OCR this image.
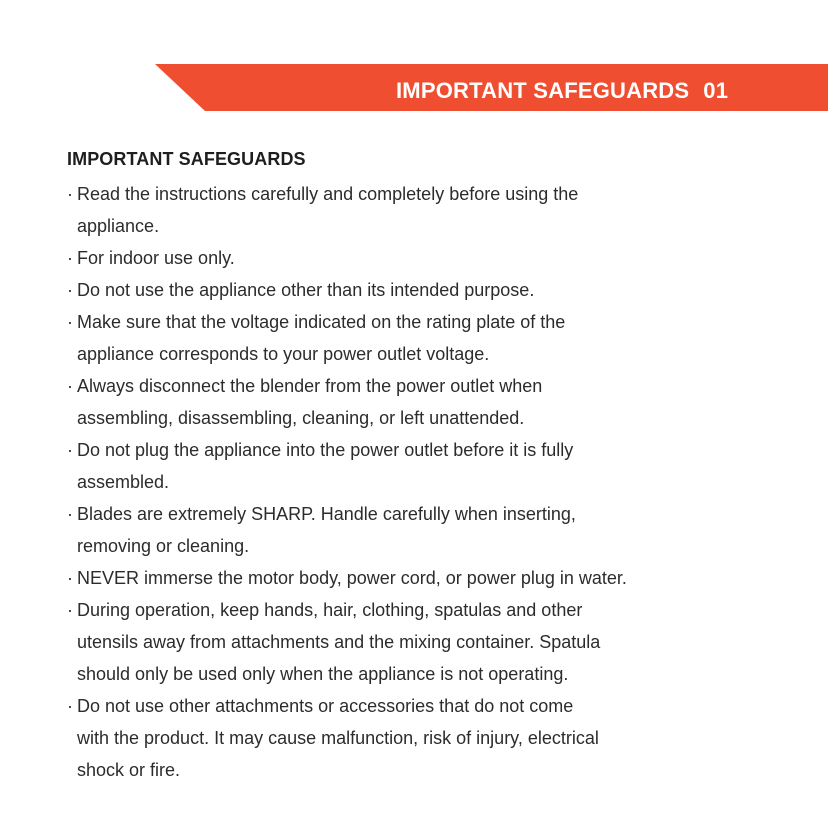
IMPORTANT SAFEGUARDS 01
IMPORTANT SAFEGUARDS
· Read the instructions carefully and completely before using the
appliance.
· For indoor use only.
· Do not use the appliance other than its intended purpose.
· Make sure that the voltage indicated on the rating plate of the
appliance corresponds to your power outlet voltage.
· Always disconnect the blender from the power outlet when
assembling, disassembling, cleaning, or left unattended.
· Do not plug the appliance into the power outlet before it is fully
assembled.
· Blades are extremely SHARP. Handle carefully when inserting,
removing or cleaning.
· NEVER immerse the motor body, power cord, or power plug in water.
· During operation, keep hands, hair, clothing, spatulas and other
utensils away from attachments and the mixing container. Spatula
should only be used only when the appliance is not operating.
· Do not use other attachments or accessories that do not come
with the product. It may cause malfunction, risk of injury, electrical
shock or fire.
